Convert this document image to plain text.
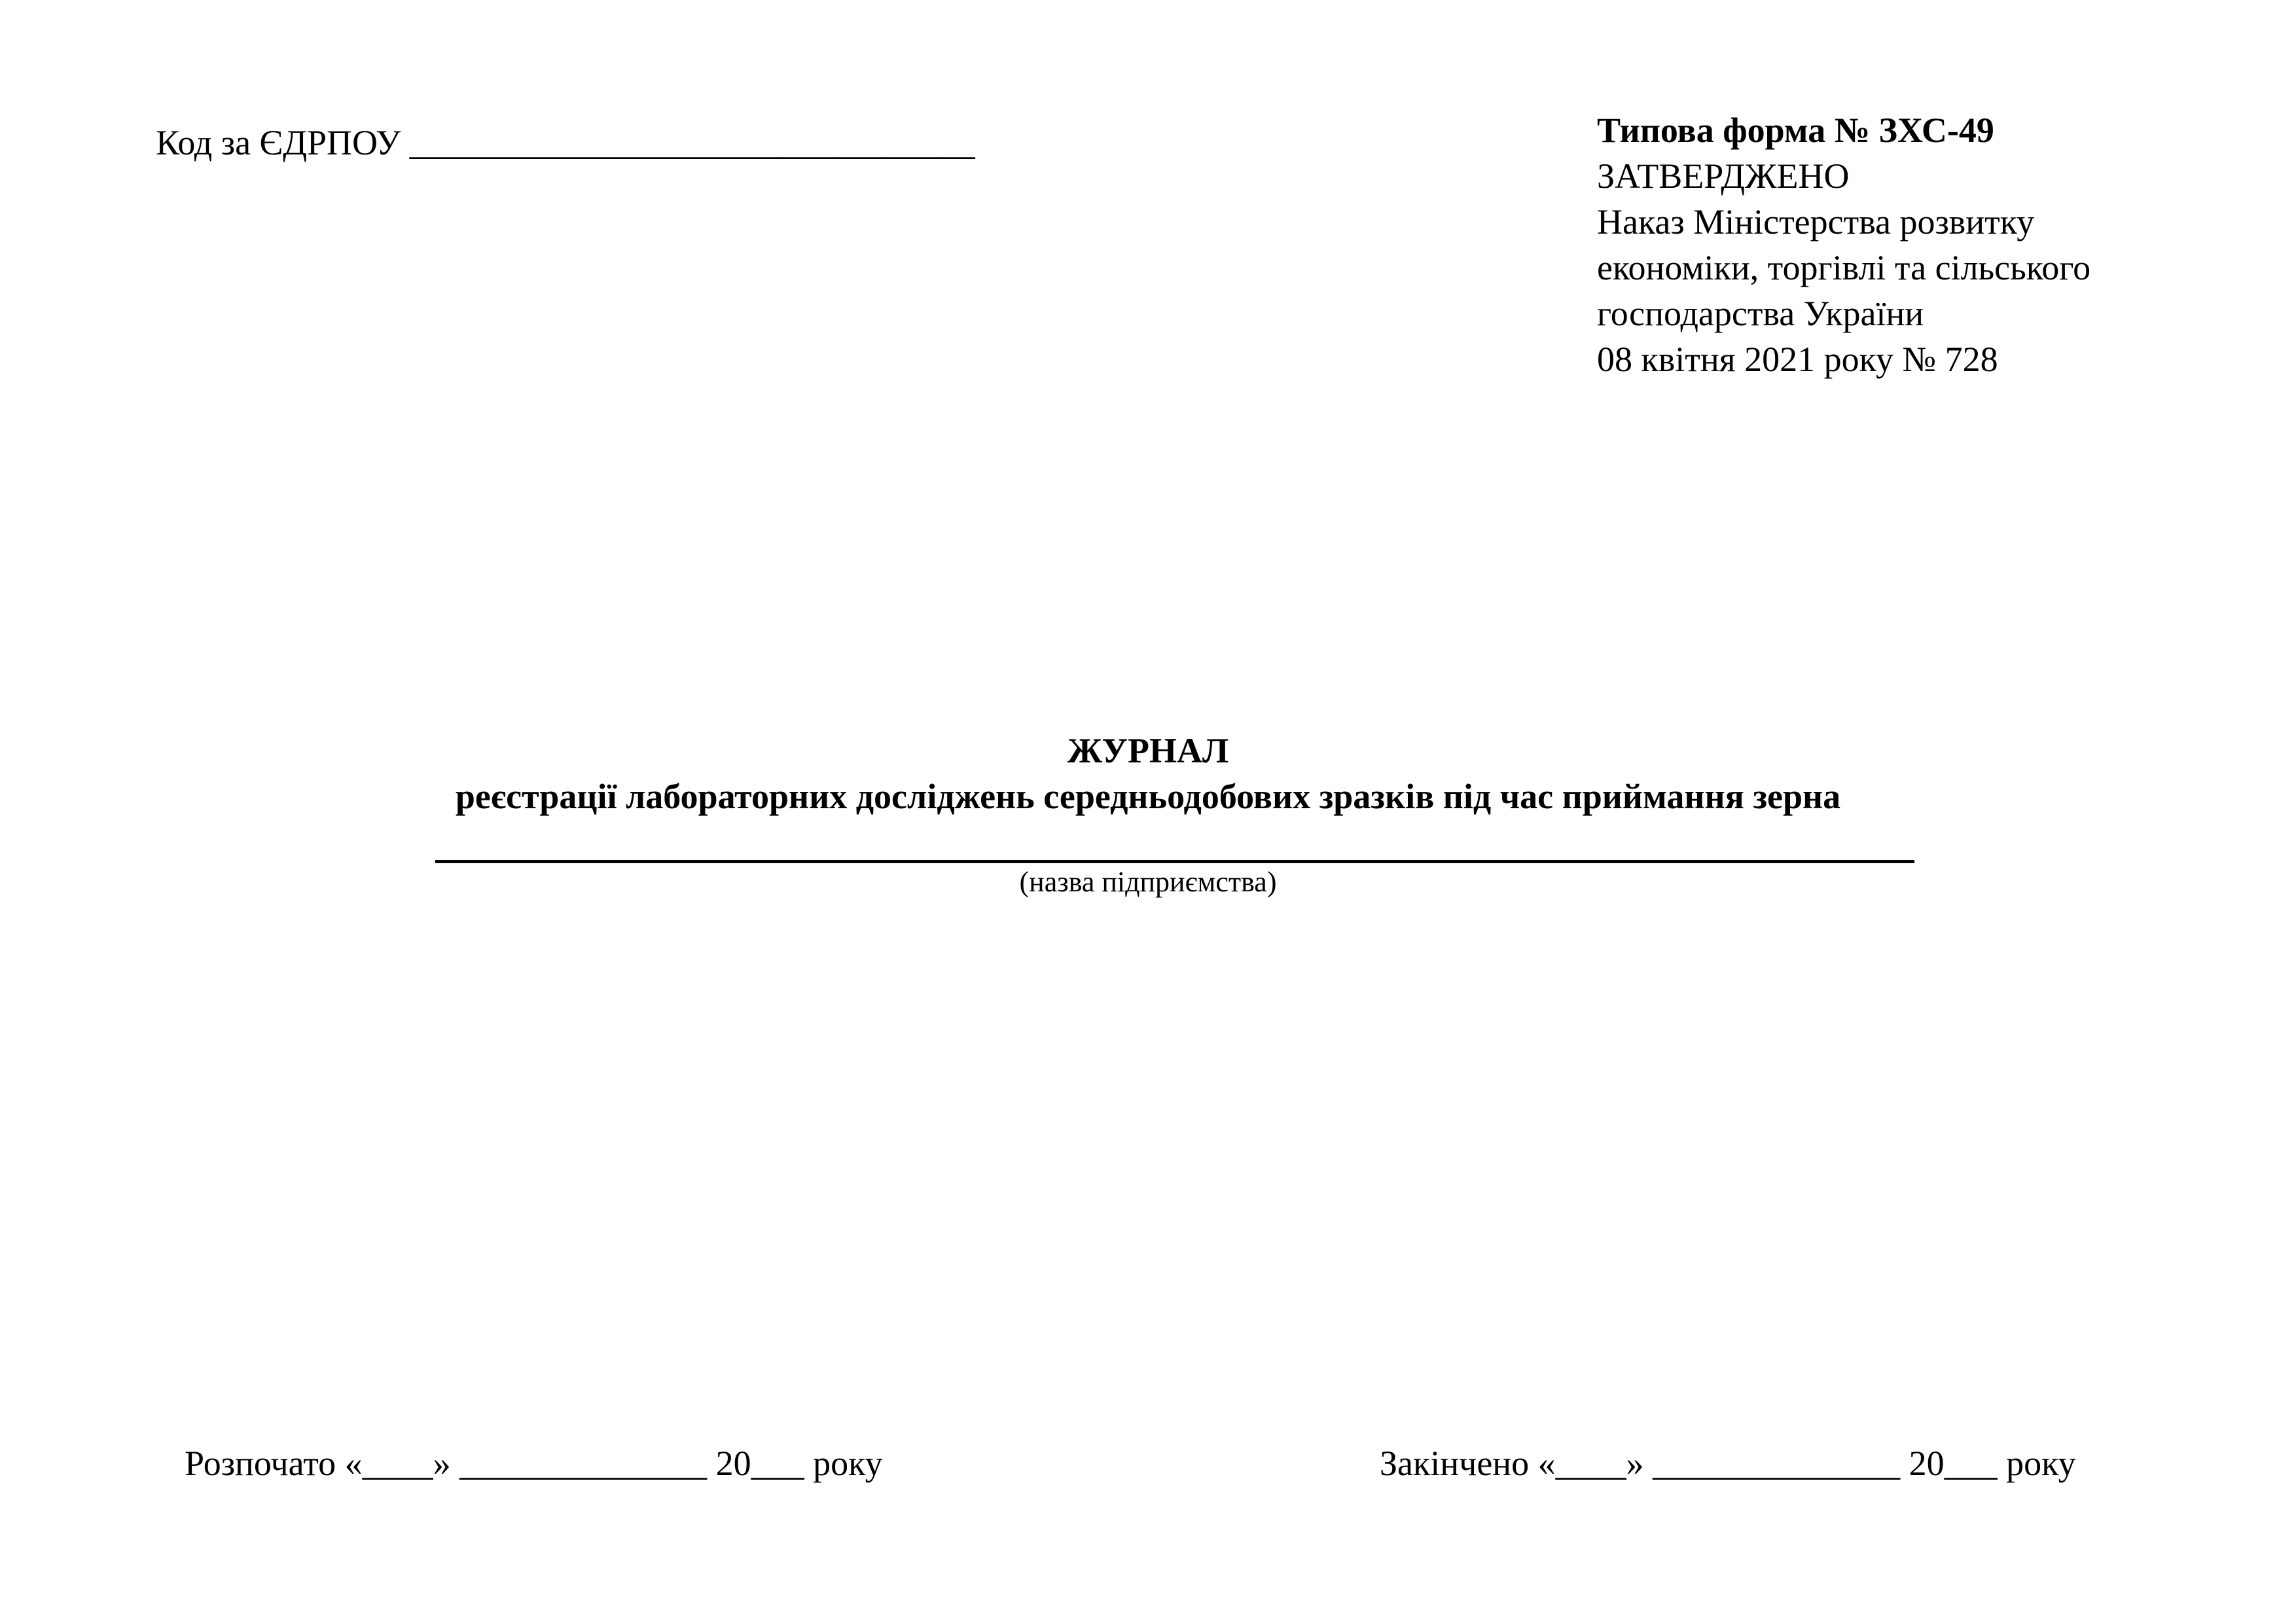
Код за ЄДРПОУ ________________________________	Типова форма № ЗХС-49
ЗАТВЕРДЖЕНО
Наказ Міністерства розвитку
економіки, торгівлі та сільського
господарства України
08 квітня 2021 року № 728
ЖУРНАЛ
реєстрації лабораторних досліджень середньодобових зразків під час приймання зерна
(назва підприємства)
Розпочато «____» ______________ 20___ року	Закінчено «____» ______________ 20___ року
